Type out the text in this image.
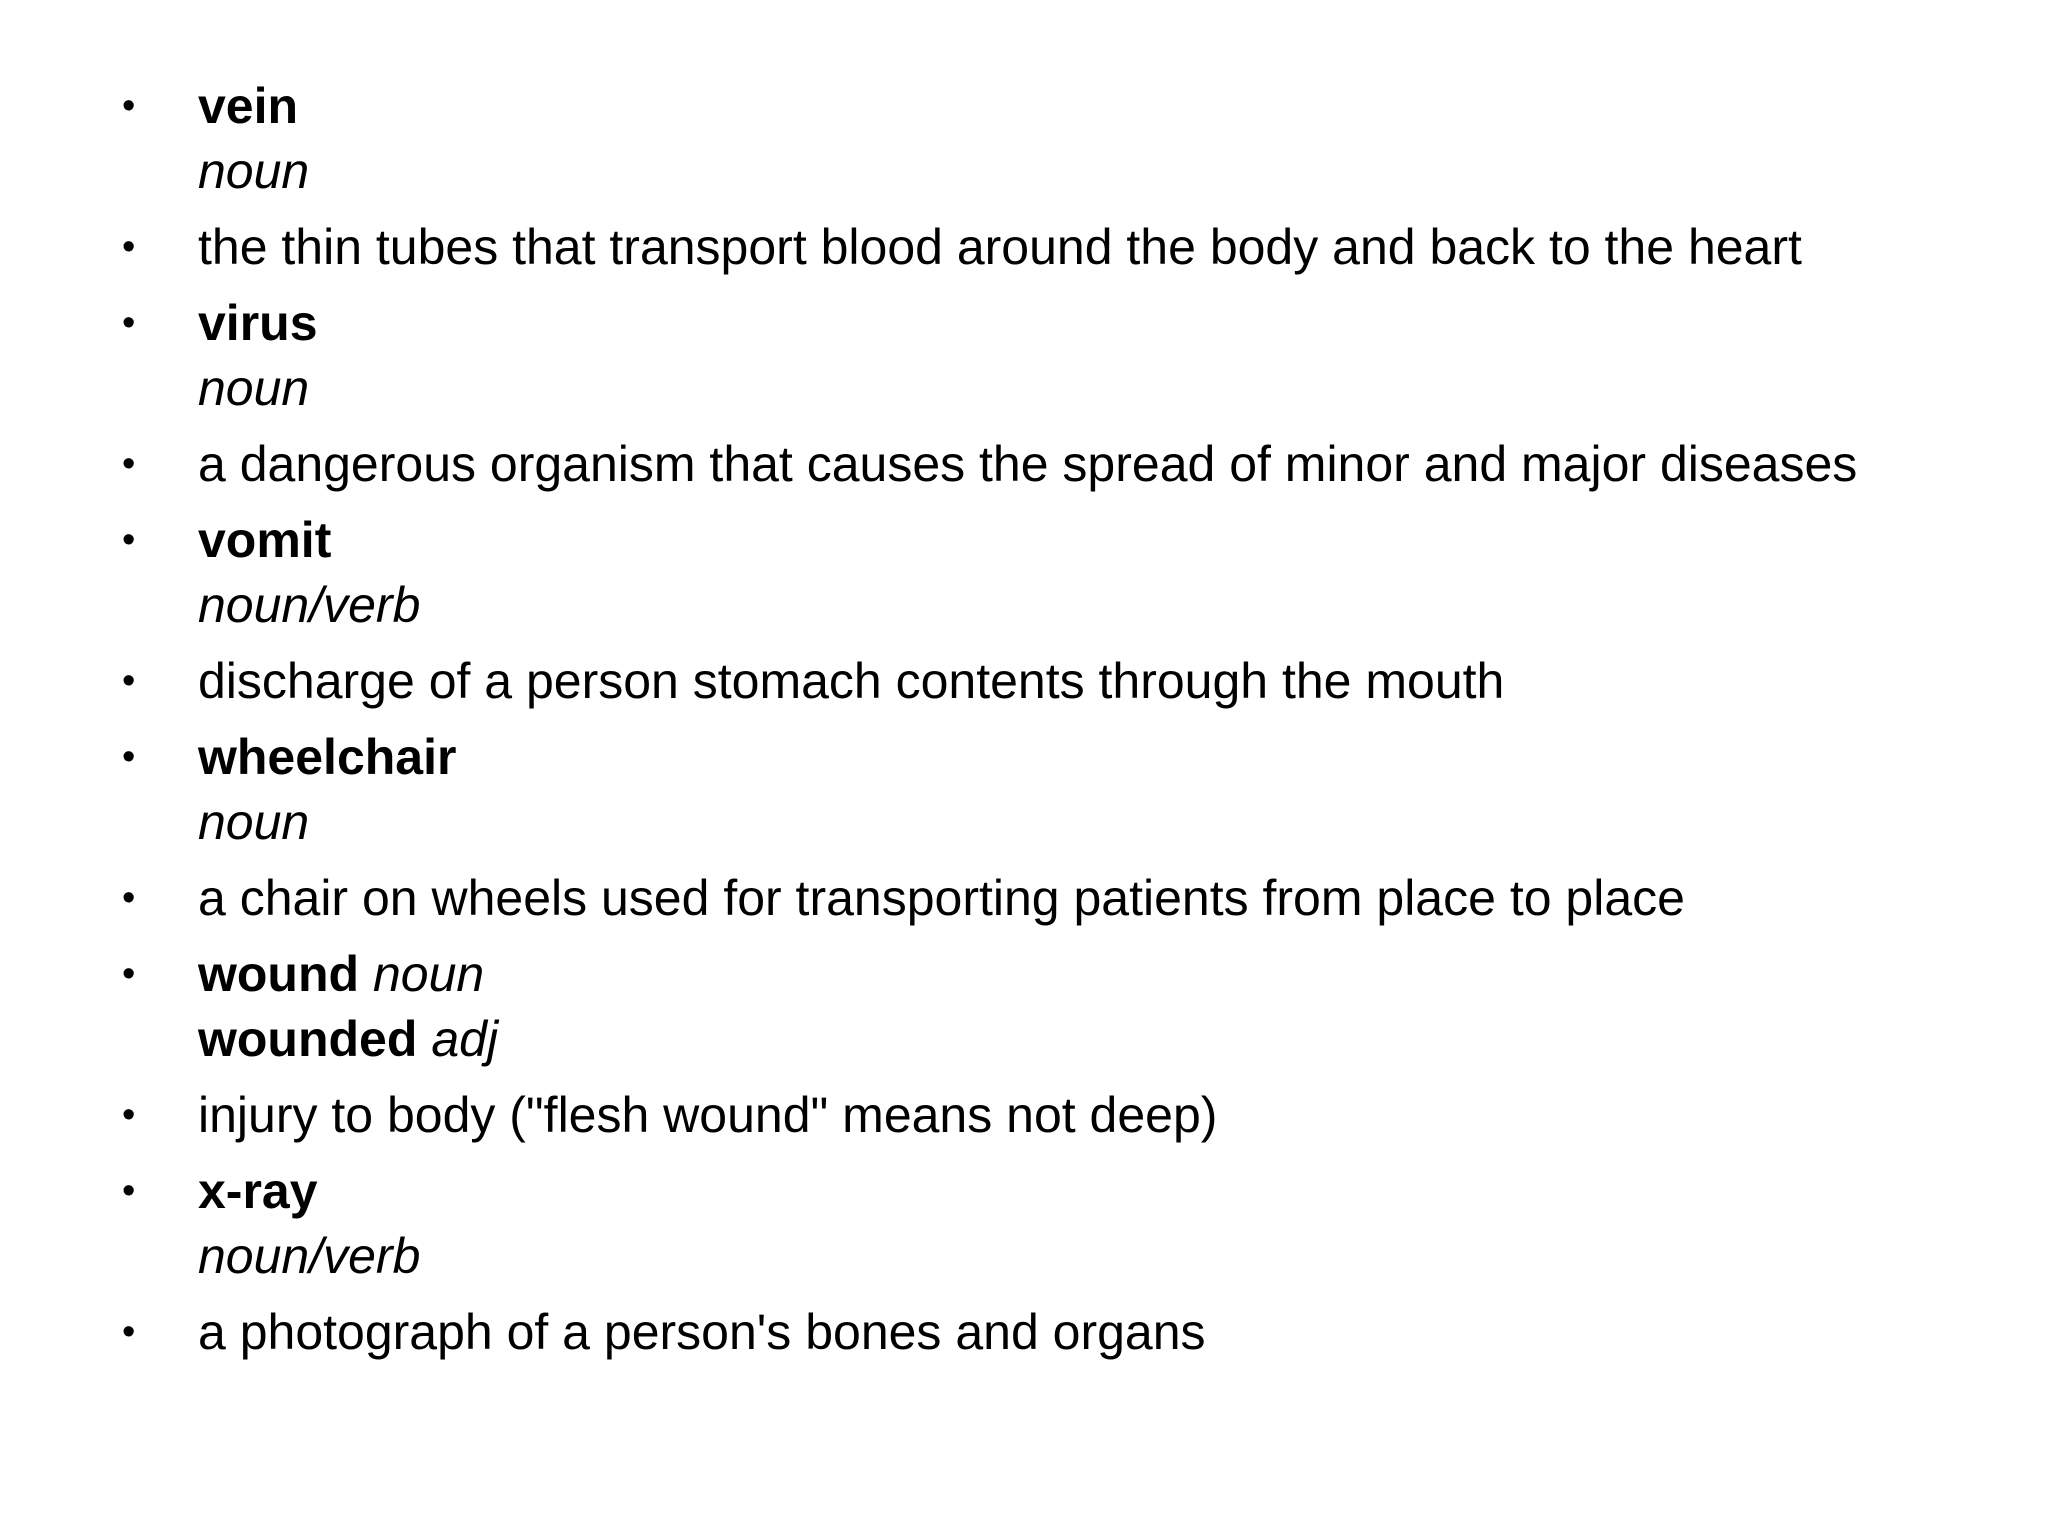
• vein
noun
• the thin tubes that transport blood around the body and back to the heart
• virus
noun
• a dangerous organism that causes the spread of minor and major diseases
• vomit
noun/verb
• discharge of a person stomach contents through the mouth
• wheelchair
noun
• a chair on wheels used for transporting patients from place to place
• wound noun
wounded adj
• injury to body ("flesh wound" means not deep)
• x-ray
noun/verb
• a photograph of a person's bones and organs
